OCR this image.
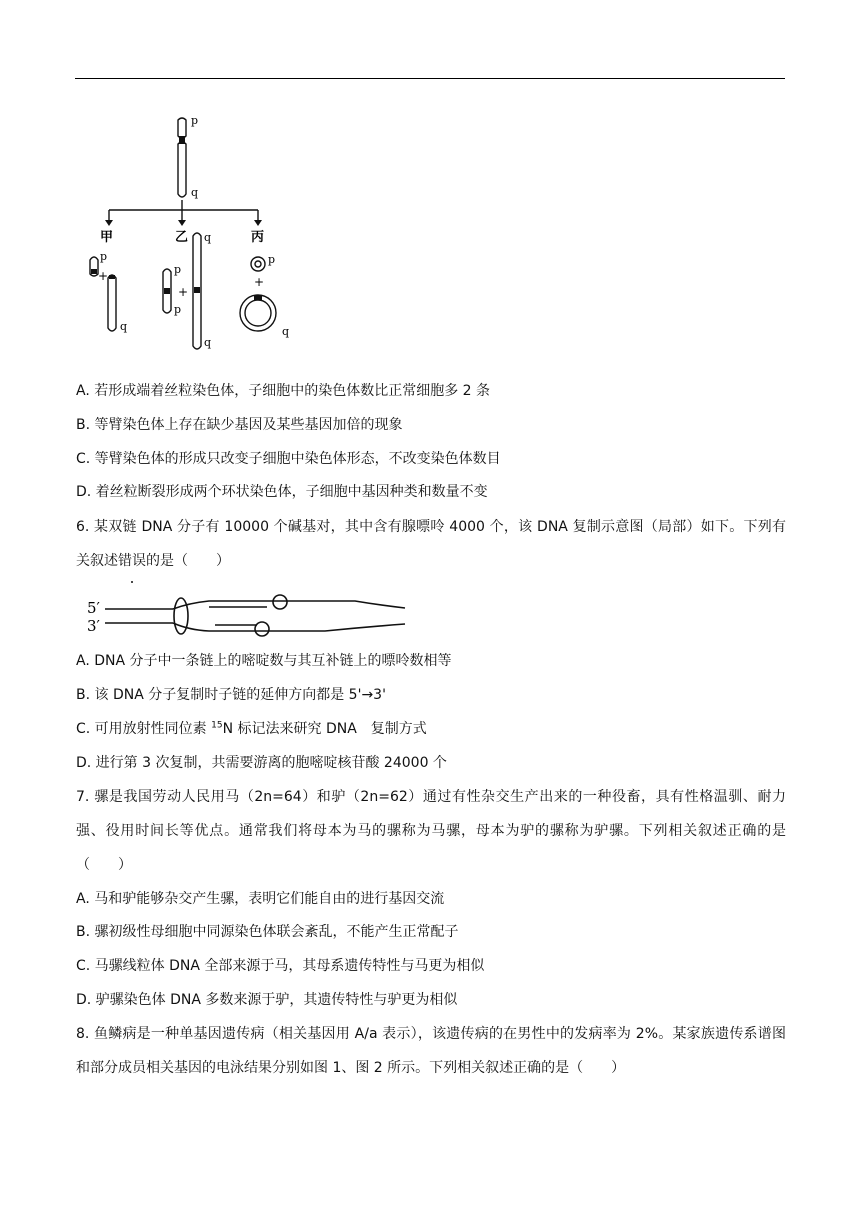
p
q
甲	乙	丙
p
+
q
p
p
+
q
q
p
+
q
A. 若形成端着丝粒染色体，子细胞中的染色体数比正常细胞多 2 条
B. 等臂染色体上存在缺少基因及某些基因加倍的现象
C. 等臂染色体的形成只改变子细胞中染色体形态，不改变染色体数目
D. 着丝粒断裂形成两个环状染色体，子细胞中基因种类和数量不变
6. 某双链 DNA 分子有 10000 个碱基对，其中含有腺嘌呤 4000 个，该 DNA 复制示意图（局部）如下。下列有关叙述错误的是（　　）
5′
3′
A. DNA 分子中一条链上的嘧啶数与其互补链上的嘌呤数相等
B. 该 DNA 分子复制时子链的延伸方向都是 5'→3'
C. 可用放射性同位素 $^{15}$N 标记法来研究 DNA　复制方式
D. 进行第 3 次复制，共需要游离的胞嘧啶核苷酸 24000 个
7. 骡是我国劳动人民用马（2n=64）和驴（2n=62）通过有性杂交生产出来的一种役畜，具有性格温驯、耐力强、役用时间长等优点。通常我们将母本为马的骡称为马骡，母本为驴的骡称为驴骡。下列相关叙述正确的是（　　）
A. 马和驴能够杂交产生骡，表明它们能自由的进行基因交流
B. 骡初级性母细胞中同源染色体联会紊乱，不能产生正常配子
C. 马骡线粒体 DNA 全部来源于马，其母系遗传特性与马更为相似
D. 驴骡染色体 DNA 多数来源于驴，其遗传特性与驴更为相似
8. 鱼鳞病是一种单基因遗传病（相关基因用 A/a 表示），该遗传病的在男性中的发病率为 2%。某家族遗传系谱图和部分成员相关基因的电泳结果分别如图 1、图 2 所示。下列相关叙述正确的是（　　）
